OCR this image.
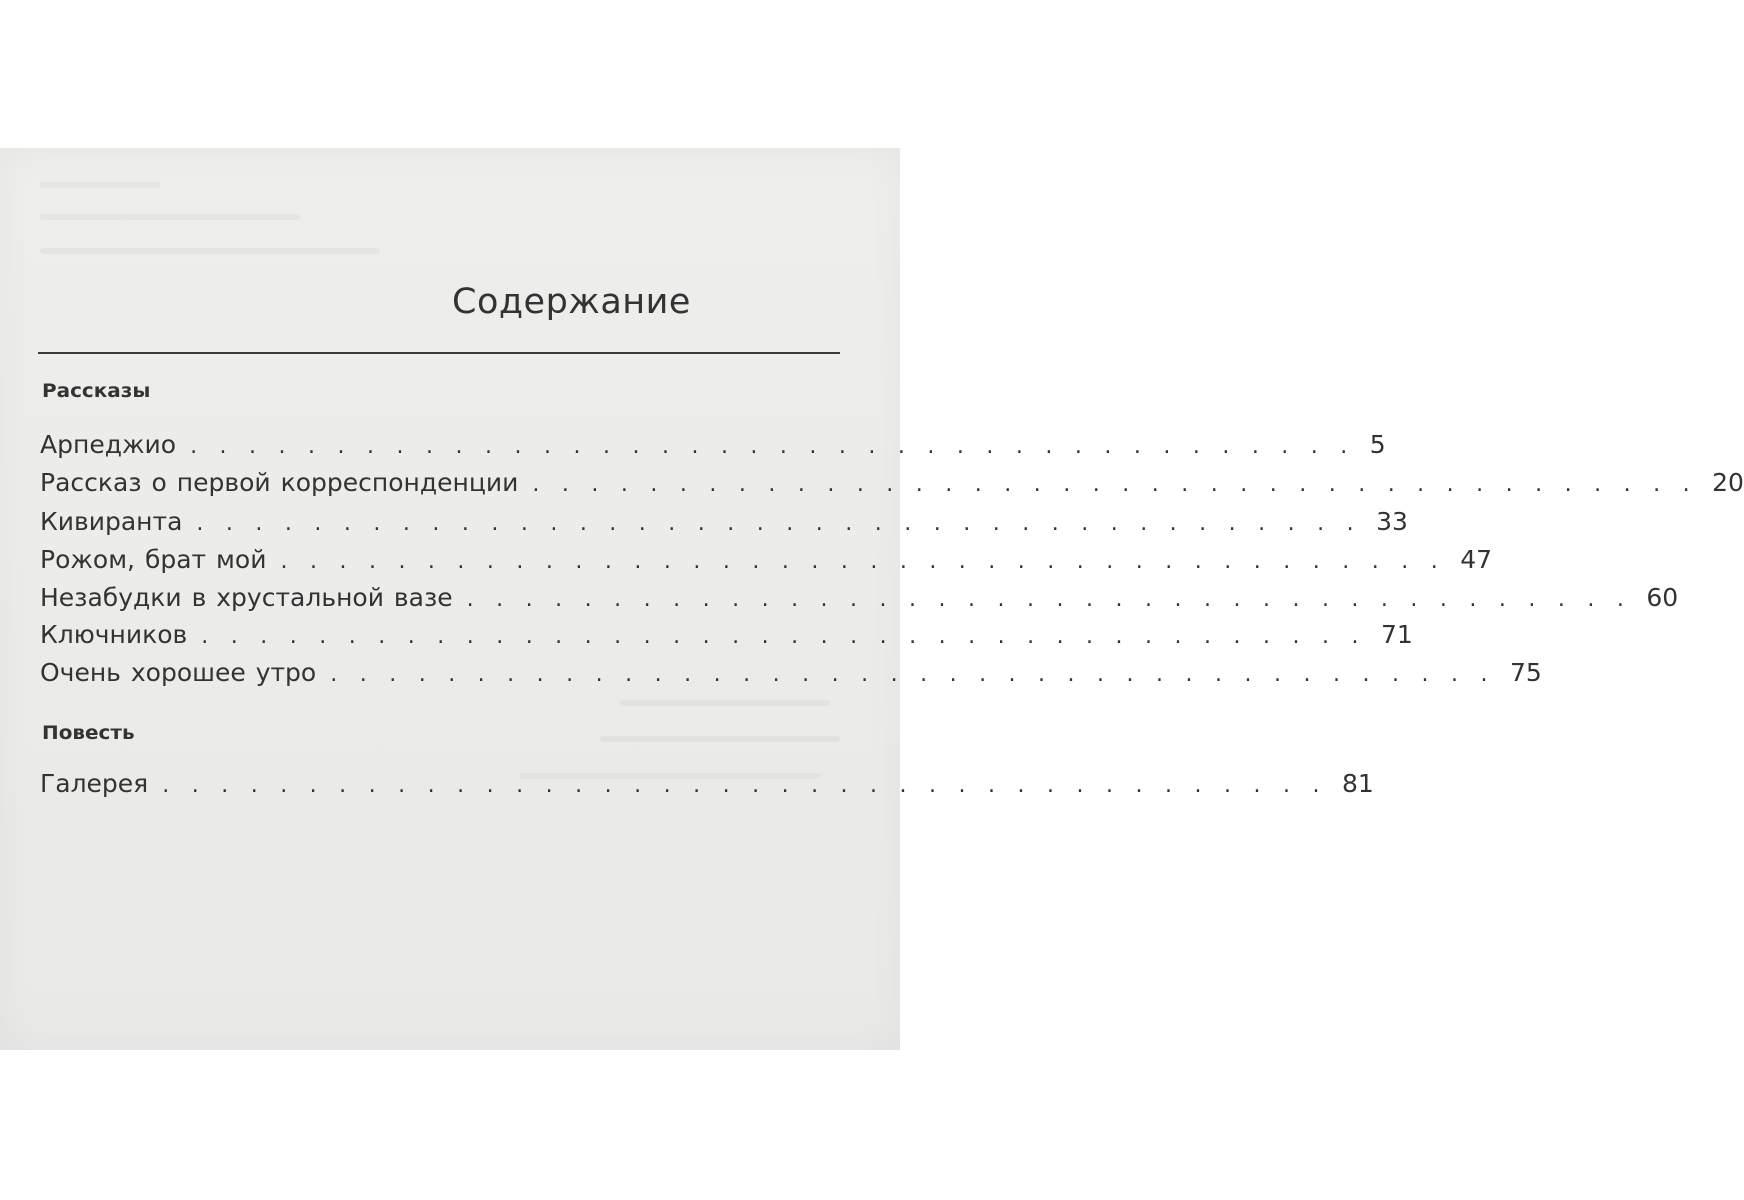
Содержание
Рассказы
Арпеджио ........................................ 5
Рассказ о первой корреспонденции ........................................ 20
Кивиранта ........................................ 33
Рожом, брат мой ........................................ 47
Незабудки в хрустальной вазе ........................................ 60
Ключников ........................................ 71
Очень хорошее утро ........................................ 75
Повесть
Галерея ........................................ 81
